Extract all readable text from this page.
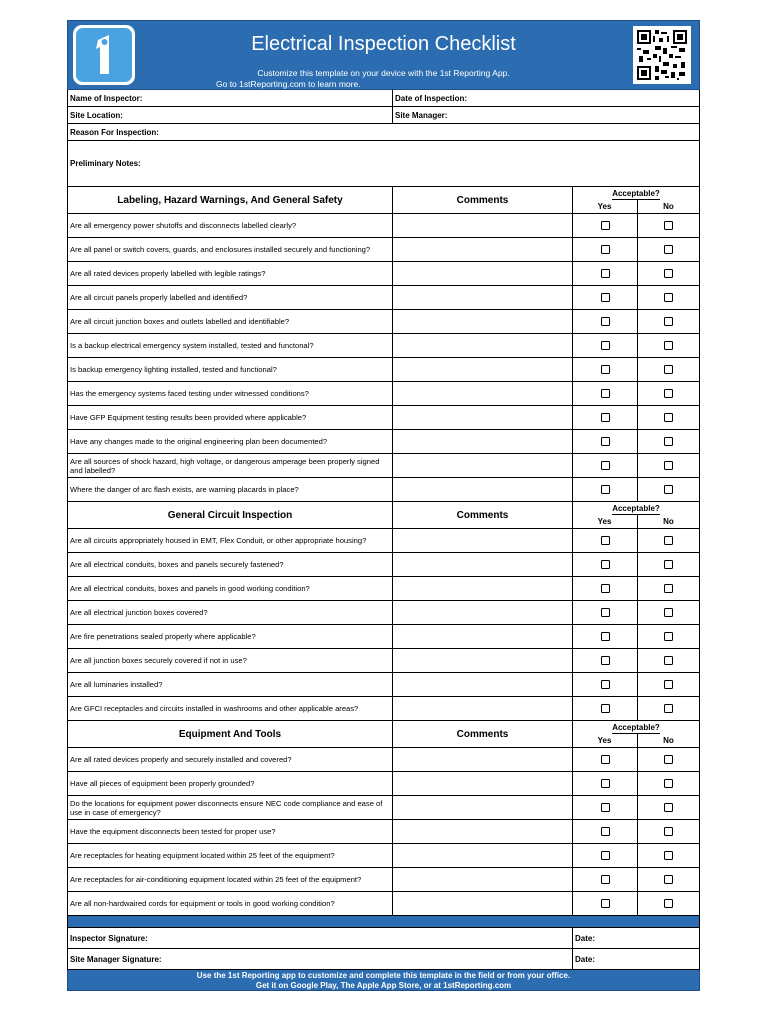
Electrical Inspection Checklist
Customize this template on your device with the 1st Reporting App.
Go to 1stReporting.com to learn more.
Name of Inspector:	Date of Inspection:
Site Location:	Site Manager:
Reason For Inspection:
Preliminary Notes:
Labeling, Hazard Warnings, And General Safety	Comments
Acceptable?
Yes	No
Are all emergency power shutoffs and disconnects labelled clearly?
Are all panel or switch covers, guards, and enclosures installed securely and functioning?
Are all rated devices properly labelled with legible ratings?
Are all circuit panels properly labelled and identified?
Are all circuit junction boxes and outlets labelled and identifiable?
Is a backup electrical emergency system installed, tested and functonal?
Is backup emergency lighting installed, tested and functional?
Has the emergency systems faced testing under witnessed conditions?
Have GFP Equipment testing results been provided where applicable?
Have any changes made to the original engineering plan been documented?
Are all sources of shock hazard, high voltage, or dangerous amperage been properly signed and labelled?
Where the danger of arc flash exists, are warning placards in place?
General Circuit Inspection	Comments
Acceptable?
Yes	No
Are all circuits appropriately housed in EMT, Flex Conduit, or other appropriate housing?
Are all electrical conduits, boxes and panels securely fastened?
Are all electrical conduits, boxes and panels in good working condition?
Are all electrical junction boxes covered?
Are fire penetrations sealed properly where applicable?
Are all junction boxes securely covered if not in use?
Are all luminaries installed?
Are GFCI receptacles and circuits installed in washrooms and other applicable areas?
Equipment And Tools	Comments
Acceptable?
Yes	No
Are all rated devices properly and securely installed and covered?
Have all pieces of equipment been properly grounded?
Do the locations for equipment power disconnects ensure NEC code compliance and ease of use in case of emergency?
Have the equipment disconnects been tested for proper use?
Are receptacles for heating equipment located within 25 feet of the equipment?
Are receptacles for air-conditioning equipment located within 25 feet of the equipment?
Are all non-hardwaired cords for equipment or tools in good working condition?
Inspector Signature:	Date:
Site Manager Signature:	Date:
Use the 1st Reporting app to customize and complete this template in the field or from your office.
Get it on Google Play, The Apple App Store, or at 1stReporting.com
